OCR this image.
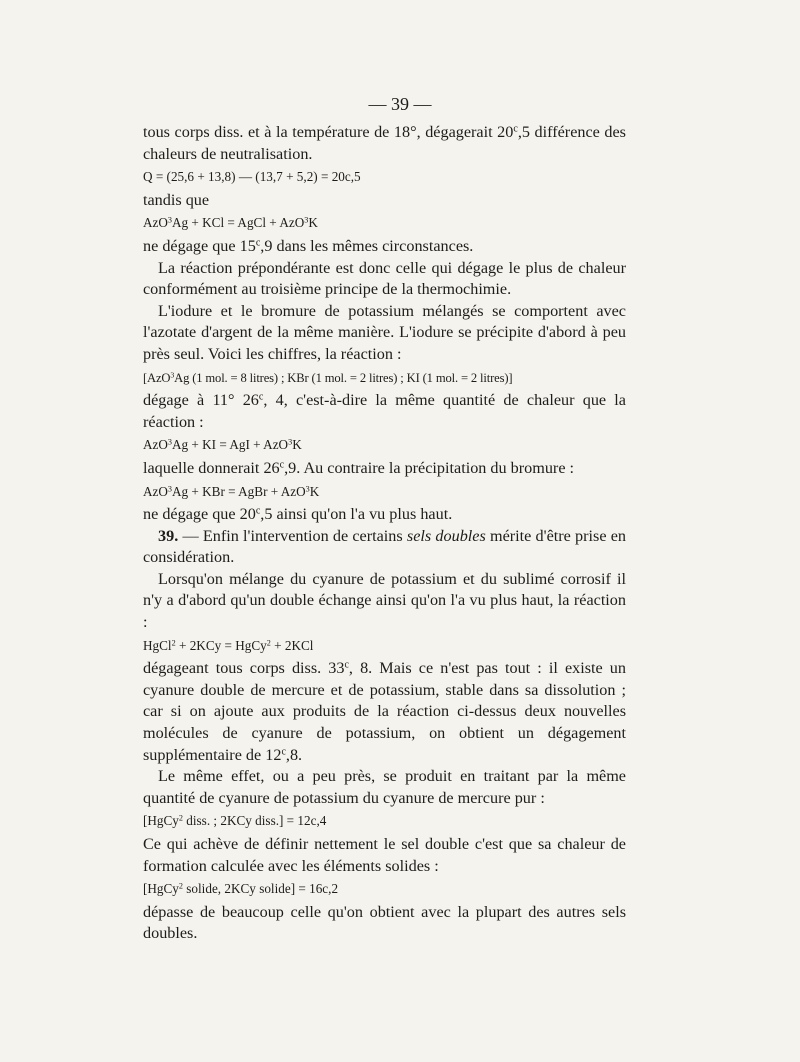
— 39 —

tous corps diss. et à la température de 18°, dégagerait 20$^c$,5 différence des chaleurs de neutralisation.

Q = (25,6 + 13,8) — (13,7 + 5,2) = 20c,5

tandis que

AzO$^3$Ag + KCl = AgCl + AzO$^3$K

ne dégage que 15$^c$,9 dans les mêmes circonstances.

La réaction prépondérante est donc celle qui dégage le plus de chaleur conformément au troisième principe de la thermochimie.

L'iodure et le bromure de potassium mélangés se comportent avec l'azotate d'argent de la même manière. L'iodure se précipite d'abord à peu près seul. Voici les chiffres, la réaction :

[AzO$^3$Ag (1 mol. = 8 litres) ; KBr (1 mol. = 2 litres) ; KI (1 mol. = 2 litres)]

dégage à 11° 26$^c$, 4, c'est-à-dire la même quantité de chaleur que la réaction :

AzO$^3$Ag + KI = AgI + AzO$^3$K

laquelle donnerait 26$^c$,9. Au contraire la précipitation du bromure :

AzO$^3$Ag + KBr = AgBr + AzO$^3$K

ne dégage que 20$^c$,5 ainsi qu'on l'a vu plus haut.

39. — Enfin l'intervention de certains sels doubles mérite d'être prise en considération.

Lorsqu'on mélange du cyanure de potassium et du sublimé corrosif il n'y a d'abord qu'un double échange ainsi qu'on l'a vu plus haut, la réaction :

HgCl$^2$ + 2KCy = HgCy$^2$ + 2KCl

dégageant tous corps diss. 33$^c$, 8. Mais ce n'est pas tout : il existe un cyanure double de mercure et de potassium, stable dans sa dissolution ; car si on ajoute aux produits de la réaction ci-dessus deux nouvelles molécules de cyanure de potassium, on obtient un dégagement supplémentaire de 12$^c$,8.

Le même effet, ou a peu près, se produit en traitant par la même quantité de cyanure de potassium du cyanure de mercure pur :

[HgCy$^2$ diss. ; 2KCy diss.] = 12c,4

Ce qui achève de définir nettement le sel double c'est que sa chaleur de formation calculée avec les éléments solides :

[HgCy$^2$ solide, 2KCy solide] = 16c,2

dépasse de beaucoup celle qu'on obtient avec la plupart des autres sels doubles.
